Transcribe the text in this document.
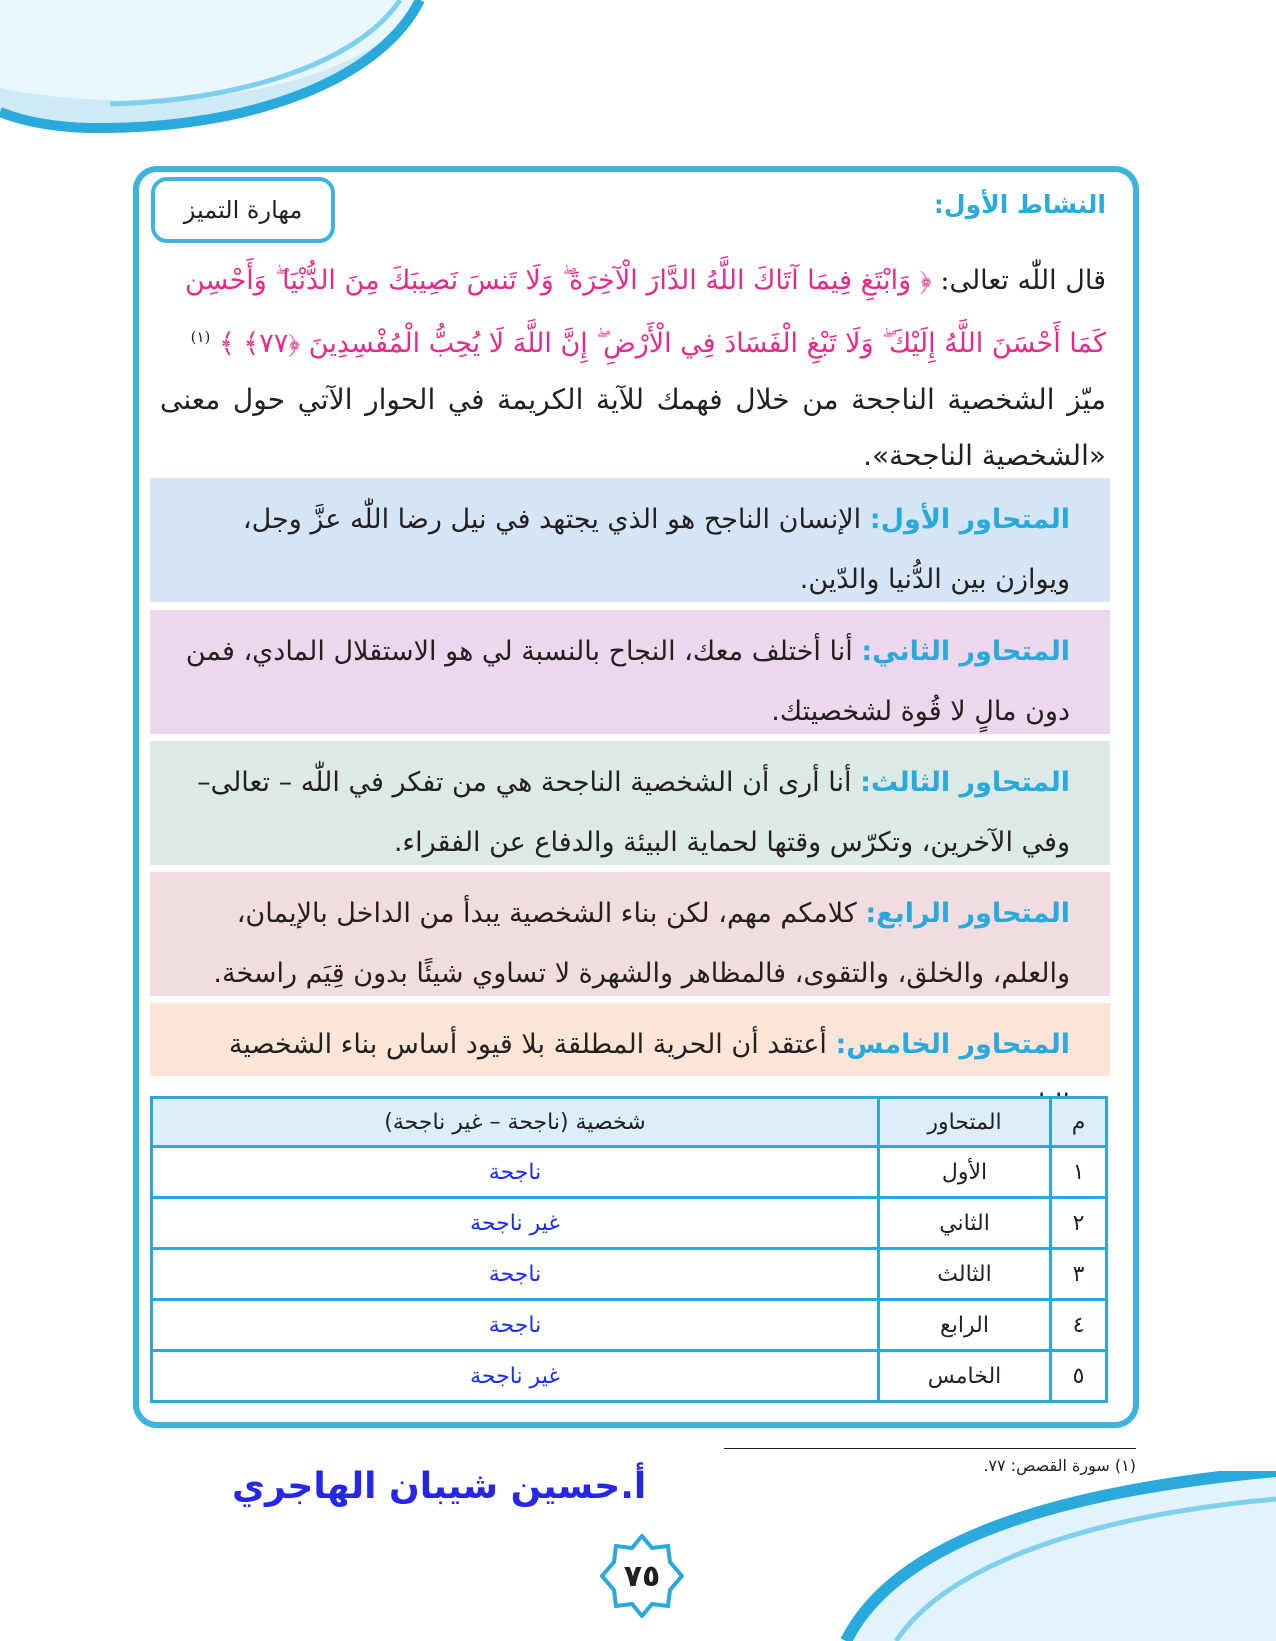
النشاط الأول:
مهارة التميز
قال اللّٰه تعالى: ﴿ وَابْتَغِ فِيمَا آتَاكَ اللَّهُ الدَّارَ الْآخِرَةَ ۖ وَلَا تَنسَ نَصِيبَكَ مِنَ الدُّنْيَا ۖ وَأَحْسِن كَمَا أَحْسَنَ اللَّهُ إِلَيْكَ ۖ وَلَا تَبْغِ الْفَسَادَ فِي الْأَرْضِ ۖ إِنَّ اللَّهَ لَا يُحِبُّ الْمُفْسِدِينَ ﴿٧٧﴾ ﴾ $^{(١)}$
ميّز الشخصية الناجحة من خلال فهمك للآية الكريمة في الحوار الآتي حول معنى «الشخصية الناجحة».
المتحاور الأول: الإنسان الناجح هو الذي يجتهد في نيل رضا اللّٰه عزَّ وجل، ويوازن بين الدُّنيا والدّين.
المتحاور الثاني: أنا أختلف معك، النجاح بالنسبة لي هو الاستقلال المادي، فمن دون مالٍ لا قُوة لشخصيتك.
المتحاور الثالث: أنا أرى أن الشخصية الناجحة هي من تفكر في اللّٰه – تعالى– وفي الآخرين، وتكرّس وقتها لحماية البيئة والدفاع عن الفقراء.
المتحاور الرابع: كلامكم مهم، لكن بناء الشخصية يبدأ من الداخل بالإيمان، والعلم، والخلق، والتقوى، فالمظاهر والشهرة لا تساوي شيئًا بدون قِيَم راسخة.
المتحاور الخامس: أعتقد أن الحرية المطلقة بلا قيود أساس بناء الشخصية
م	المتحاور	شخصية (ناجحة – غير ناجحة)
١	الأول	ناجحة
٢	الثاني	غير ناجحة
٣	الثالث	ناجحة
٤	الرابع	ناجحة
٥	الخامس	غير ناجحة
(١) سورة القصص: ٧٧.
أ.حسين شيبان الهاجري
٧٥
